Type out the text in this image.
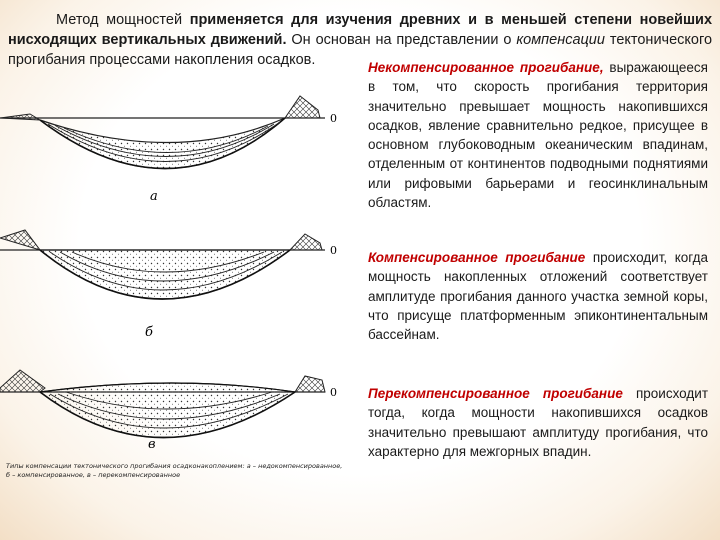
Метод мощностей применяется для изучения древних и в меньшей степени новейших нисходящих вертикальных движений. Он основан на представлении о компенсации тектонического прогибания процессами накопления осадков.
0
а
0
б
0
в
Типы компенсации тектонического прогибания осадконакоплением: а – недокомпенсированное, б – компенсированное, в – перекомпенсированное

Некомпенсированное прогибание, выражающееся в том, что скорость прогибания территория значительно превышает мощность накопившихся осадков, явление сравнительно редкое, присущее в основном глубоководным океаническим впадинам, отделенным от континентов подводными поднятиями или рифовыми барьерами и геосинклинальным областям.

Компенсированное прогибание происходит, когда мощность накопленных отложений соответствует амплитуде прогибания данного участка земной коры, что присуще платформенным эпиконтинентальным бассейнам.

Перекомпенсированное прогибание происходит тогда, когда мощности накопившихся осадков значительно превышают амплитуду прогибания, что характерно для межгорных впадин.
